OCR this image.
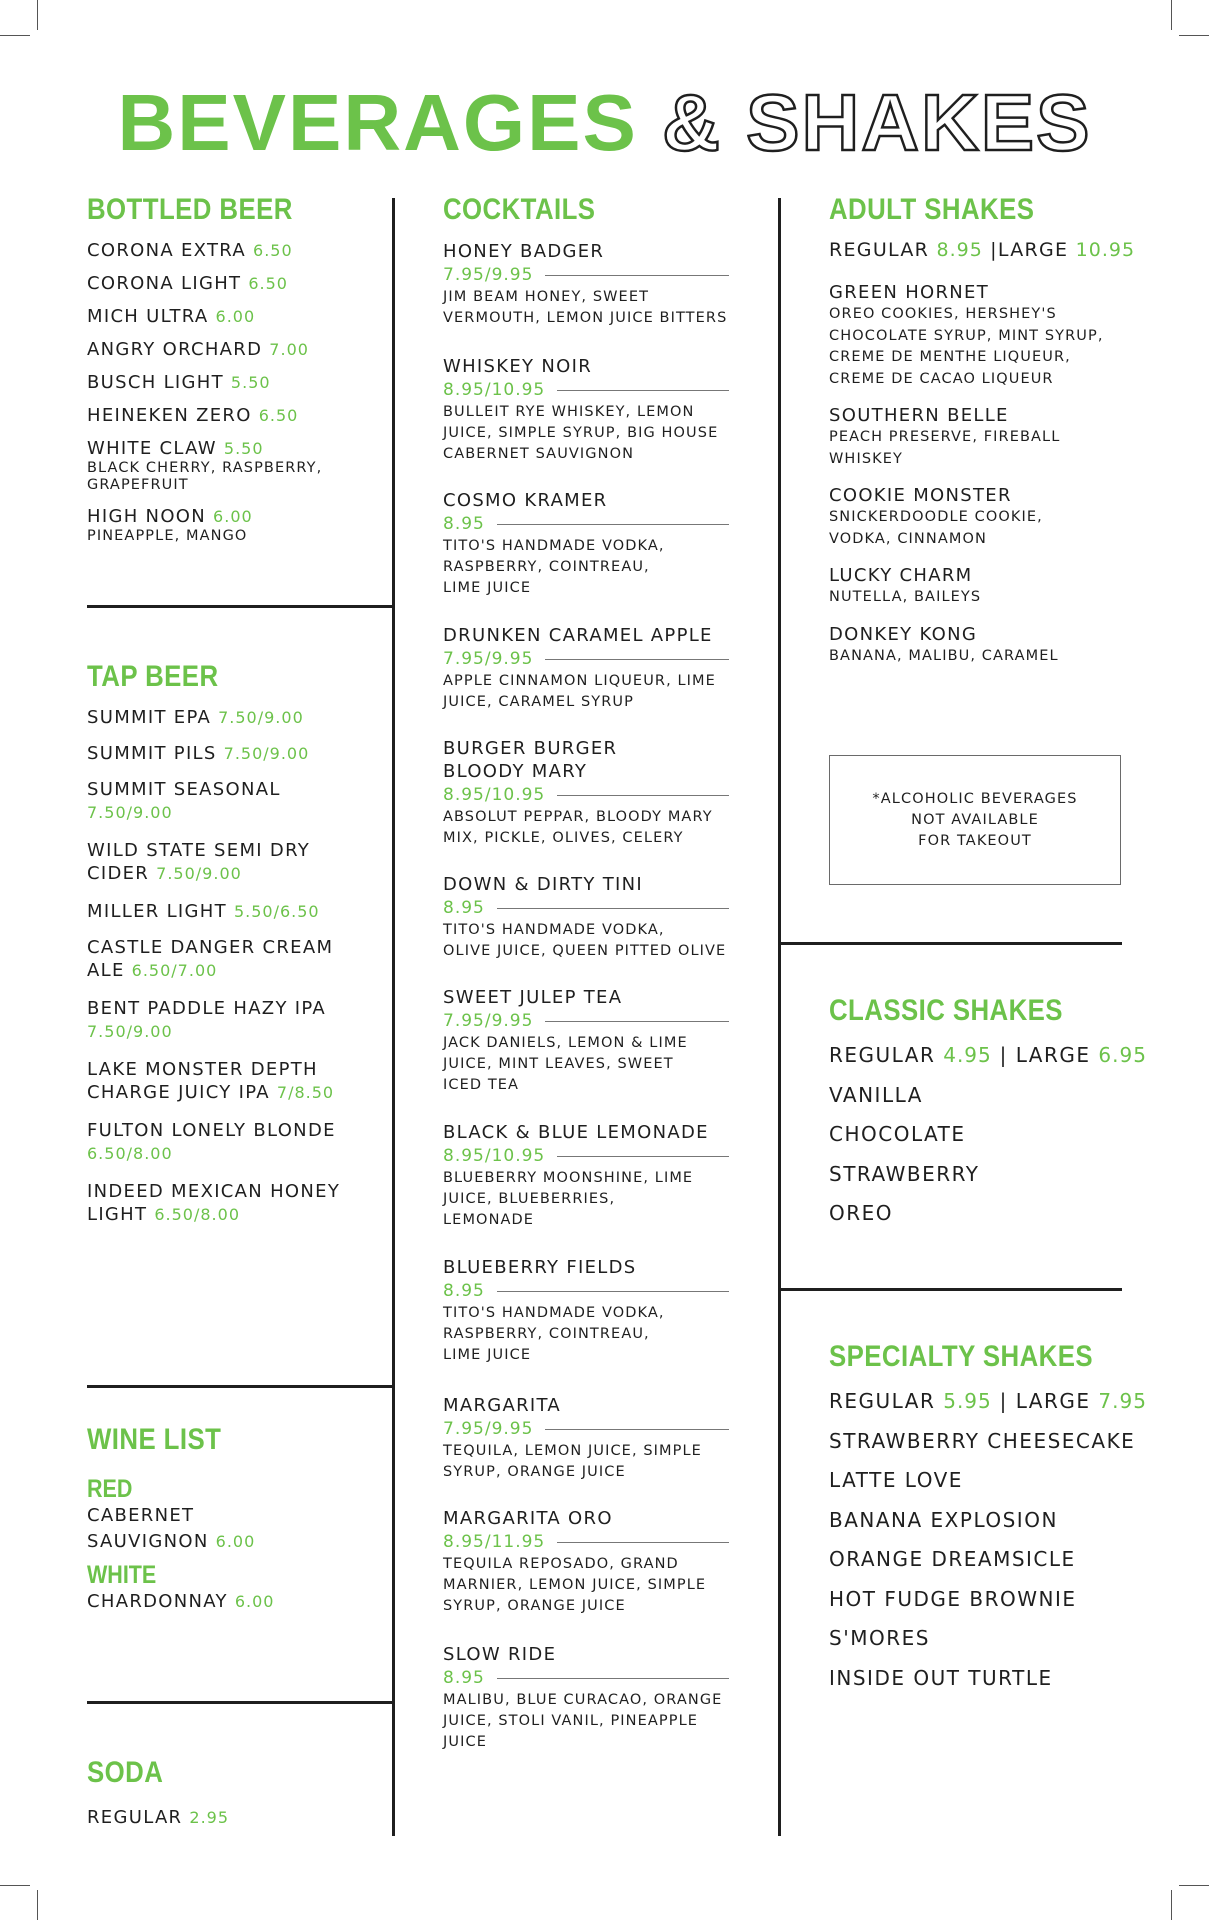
BEVERAGES & SHAKES
BOTTLED BEER
CORONA EXTRA 6.50
CORONA LIGHT 6.50
MICH ULTRA 6.00
ANGRY ORCHARD 7.00
BUSCH LIGHT 5.50
HEINEKEN ZERO 6.50
WHITE CLAW 5.50
BLACK CHERRY, RASPBERRY,
GRAPEFRUIT
HIGH NOON 6.00
PINEAPPLE, MANGO
TAP BEER
SUMMIT EPA 7.50/9.00
SUMMIT PILS 7.50/9.00
SUMMIT SEASONAL
7.50/9.00
WILD STATE SEMI DRY
CIDER 7.50/9.00
MILLER LIGHT 5.50/6.50
CASTLE DANGER CREAM
ALE 6.50/7.00
BENT PADDLE HAZY IPA
7.50/9.00
LAKE MONSTER DEPTH
CHARGE JUICY IPA 7/8.50
FULTON LONELY BLONDE
6.50/8.00
INDEED MEXICAN HONEY
LIGHT 6.50/8.00
WINE LIST
RED
CABERNET
SAUVIGNON 6.00
WHITE
CHARDONNAY 6.00
SODA
REGULAR 2.95
COCKTAILS
HONEY BADGER
7.95/9.95
JIM BEAM HONEY, SWEET
VERMOUTH, LEMON JUICE BITTERS
WHISKEY NOIR
8.95/10.95
BULLEIT RYE WHISKEY, LEMON
JUICE, SIMPLE SYRUP, BIG HOUSE
CABERNET SAUVIGNON
COSMO KRAMER
8.95
TITO'S HANDMADE VODKA,
RASPBERRY, COINTREAU,
LIME JUICE
DRUNKEN CARAMEL APPLE
7.95/9.95
APPLE CINNAMON LIQUEUR, LIME
JUICE, CARAMEL SYRUP
BURGER BURGER
BLOODY MARY
8.95/10.95
ABSOLUT PEPPAR, BLOODY MARY
MIX, PICKLE, OLIVES, CELERY
DOWN & DIRTY TINI
8.95
TITO'S HANDMADE VODKA,
OLIVE JUICE, QUEEN PITTED OLIVE
SWEET JULEP TEA
7.95/9.95
JACK DANIELS, LEMON & LIME
JUICE, MINT LEAVES, SWEET
ICED TEA
BLACK & BLUE LEMONADE
8.95/10.95
BLUEBERRY MOONSHINE, LIME
JUICE, BLUEBERRIES,
LEMONADE
BLUEBERRY FIELDS
8.95
TITO'S HANDMADE VODKA,
RASPBERRY, COINTREAU,
LIME JUICE
MARGARITA
7.95/9.95
TEQUILA, LEMON JUICE, SIMPLE
SYRUP, ORANGE JUICE
MARGARITA ORO
8.95/11.95
TEQUILA REPOSADO, GRAND
MARNIER, LEMON JUICE, SIMPLE
SYRUP, ORANGE JUICE
SLOW RIDE
8.95
MALIBU, BLUE CURACAO, ORANGE
JUICE, STOLI VANIL, PINEAPPLE
JUICE
ADULT SHAKES
REGULAR 8.95 |LARGE 10.95
GREEN HORNET
OREO COOKIES, HERSHEY'S
CHOCOLATE SYRUP, MINT SYRUP,
CREME DE MENTHE LIQUEUR,
CREME DE CACAO LIQUEUR
SOUTHERN BELLE
PEACH PRESERVE, FIREBALL
WHISKEY
COOKIE MONSTER
SNICKERDOODLE COOKIE,
VODKA, CINNAMON
LUCKY CHARM
NUTELLA, BAILEYS
DONKEY KONG
BANANA, MALIBU, CARAMEL
*ALCOHOLIC BEVERAGES
NOT AVAILABLE
FOR TAKEOUT
CLASSIC SHAKES
REGULAR 4.95 | LARGE 6.95
VANILLA
CHOCOLATE
STRAWBERRY
OREO
SPECIALTY SHAKES
REGULAR 5.95 | LARGE 7.95
STRAWBERRY CHEESECAKE
LATTE LOVE
BANANA EXPLOSION
ORANGE DREAMSICLE
HOT FUDGE BROWNIE
S'MORES
INSIDE OUT TURTLE
